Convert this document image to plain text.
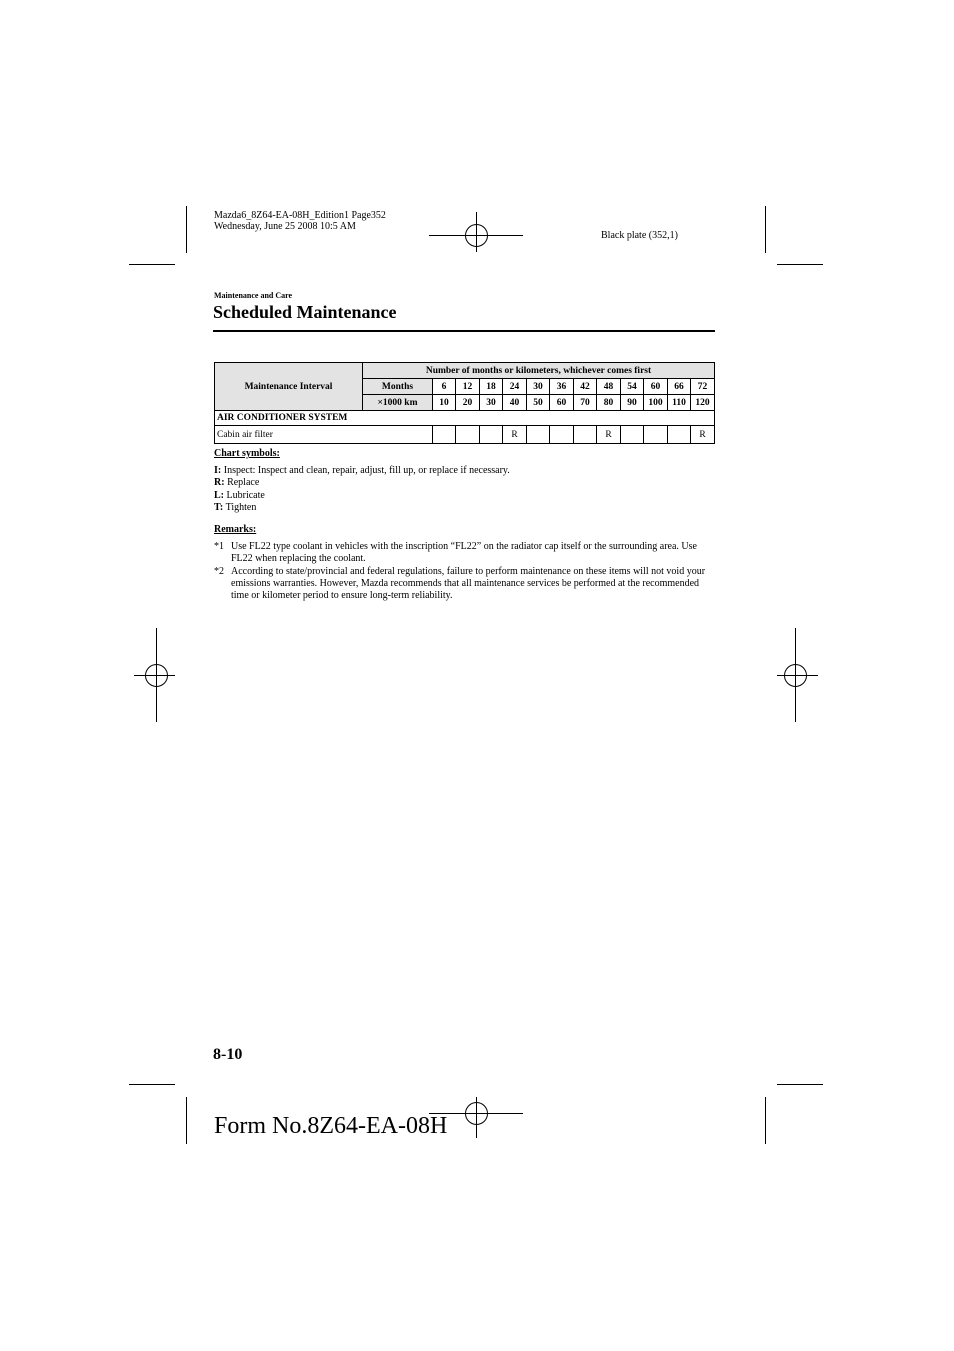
Mazda6_8Z64-EA-08H_Edition1 Page352
Wednesday, June 25 2008 10:5 AM
Black plate (352,1)
Maintenance and Care
Scheduled Maintenance
Maintenance Interval	Number of months or kilometers, whichever comes first												
	Months	6	12	18	24	30	36	42	48	54	60	66	72
	×1000 km	10	20	30	40	50	60	70	80	90	100	110	120
AIR CONDITIONER SYSTEM													
Cabin air filter					R				R				R
Chart symbols:
I: Inspect: Inspect and clean, repair, adjust, fill up, or replace if necessary.
R: Replace
L: Lubricate
T: Tighten
Remarks:
*1 Use FL22 type coolant in vehicles with the inscription “FL22” on the radiator cap itself or the surrounding area. Use FL22 when replacing the coolant.
*2 According to state/provincial and federal regulations, failure to perform maintenance on these items will not void your emissions warranties. However, Mazda recommends that all maintenance services be performed at the recommended time or kilometer period to ensure long-term reliability.
8-10
Form No.8Z64-EA-08H
